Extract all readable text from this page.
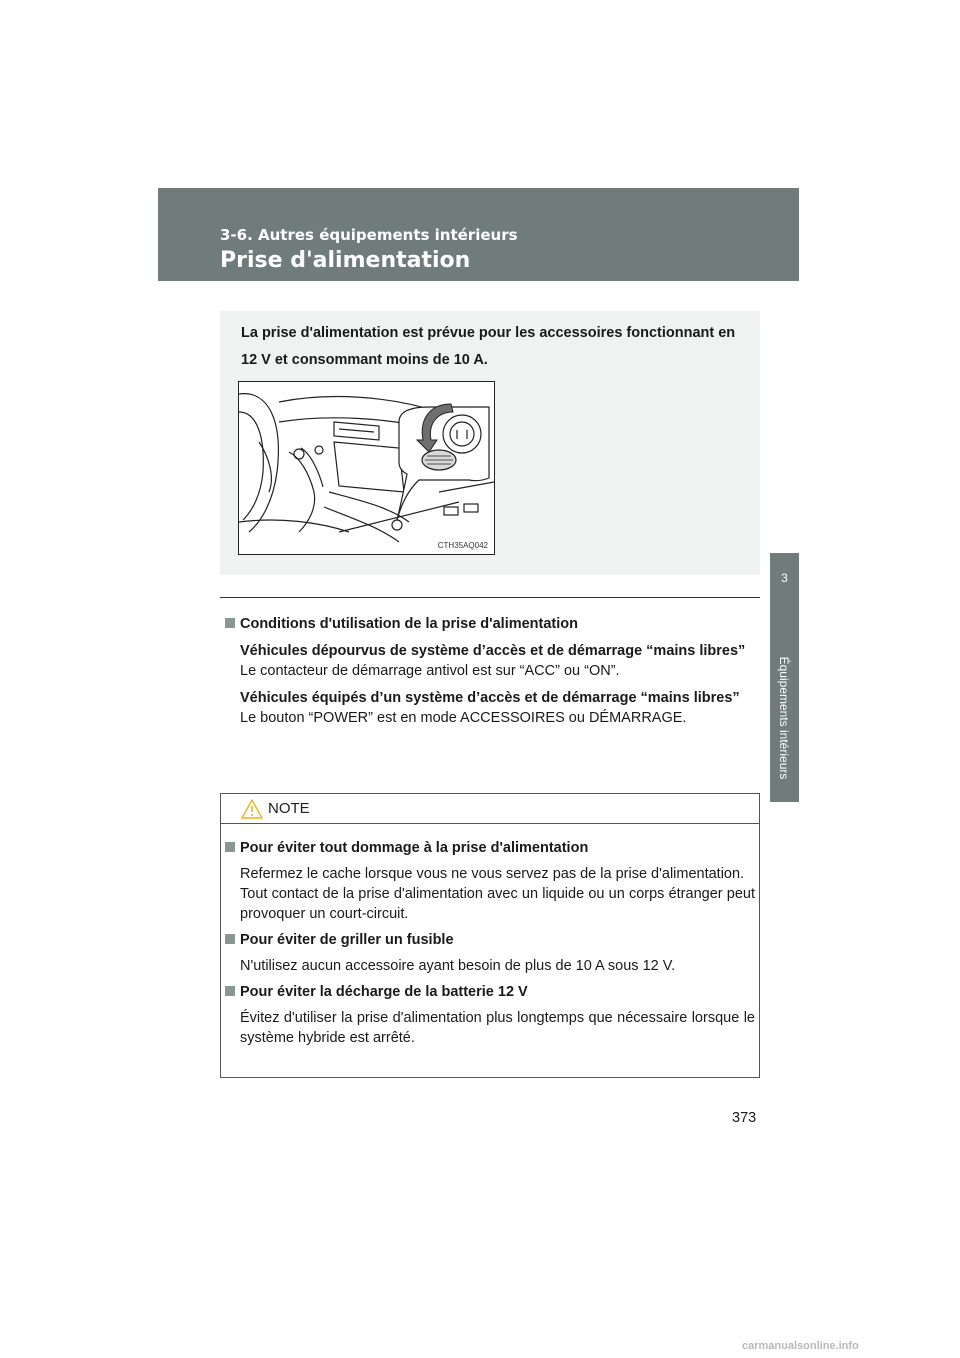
3-6. Autres équipements intérieurs
Prise d'alimentation
3
Équipements intérieurs
La prise d'alimentation est prévue pour les accessoires fonctionnant en 12 V et consommant moins de 10 A.
CTH35AQ042
Conditions d'utilisation de la prise d'alimentation
Véhicules dépourvus de système d’accès et de démarrage “mains libres”
Le contacteur de démarrage antivol est sur “ACC” ou “ON”.
Véhicules équipés d’un système d’accès et de démarrage “mains libres”
Le bouton “POWER” est en mode ACCESSOIRES ou DÉMARRAGE.
NOTE
Pour éviter tout dommage à la prise d'alimentation
Refermez le cache lorsque vous ne vous servez pas de la prise d'alimentation.
Tout contact de la prise d'alimentation avec un liquide ou un corps étranger peut provoquer un court-circuit.
Pour éviter de griller un fusible
N'utilisez aucun accessoire ayant besoin de plus de 10 A sous 12 V.
Pour éviter la décharge de la batterie 12 V
Évitez d'utiliser la prise d'alimentation plus longtemps que nécessaire lorsque le système hybride est arrêté.
373
carmanualsonline.info
